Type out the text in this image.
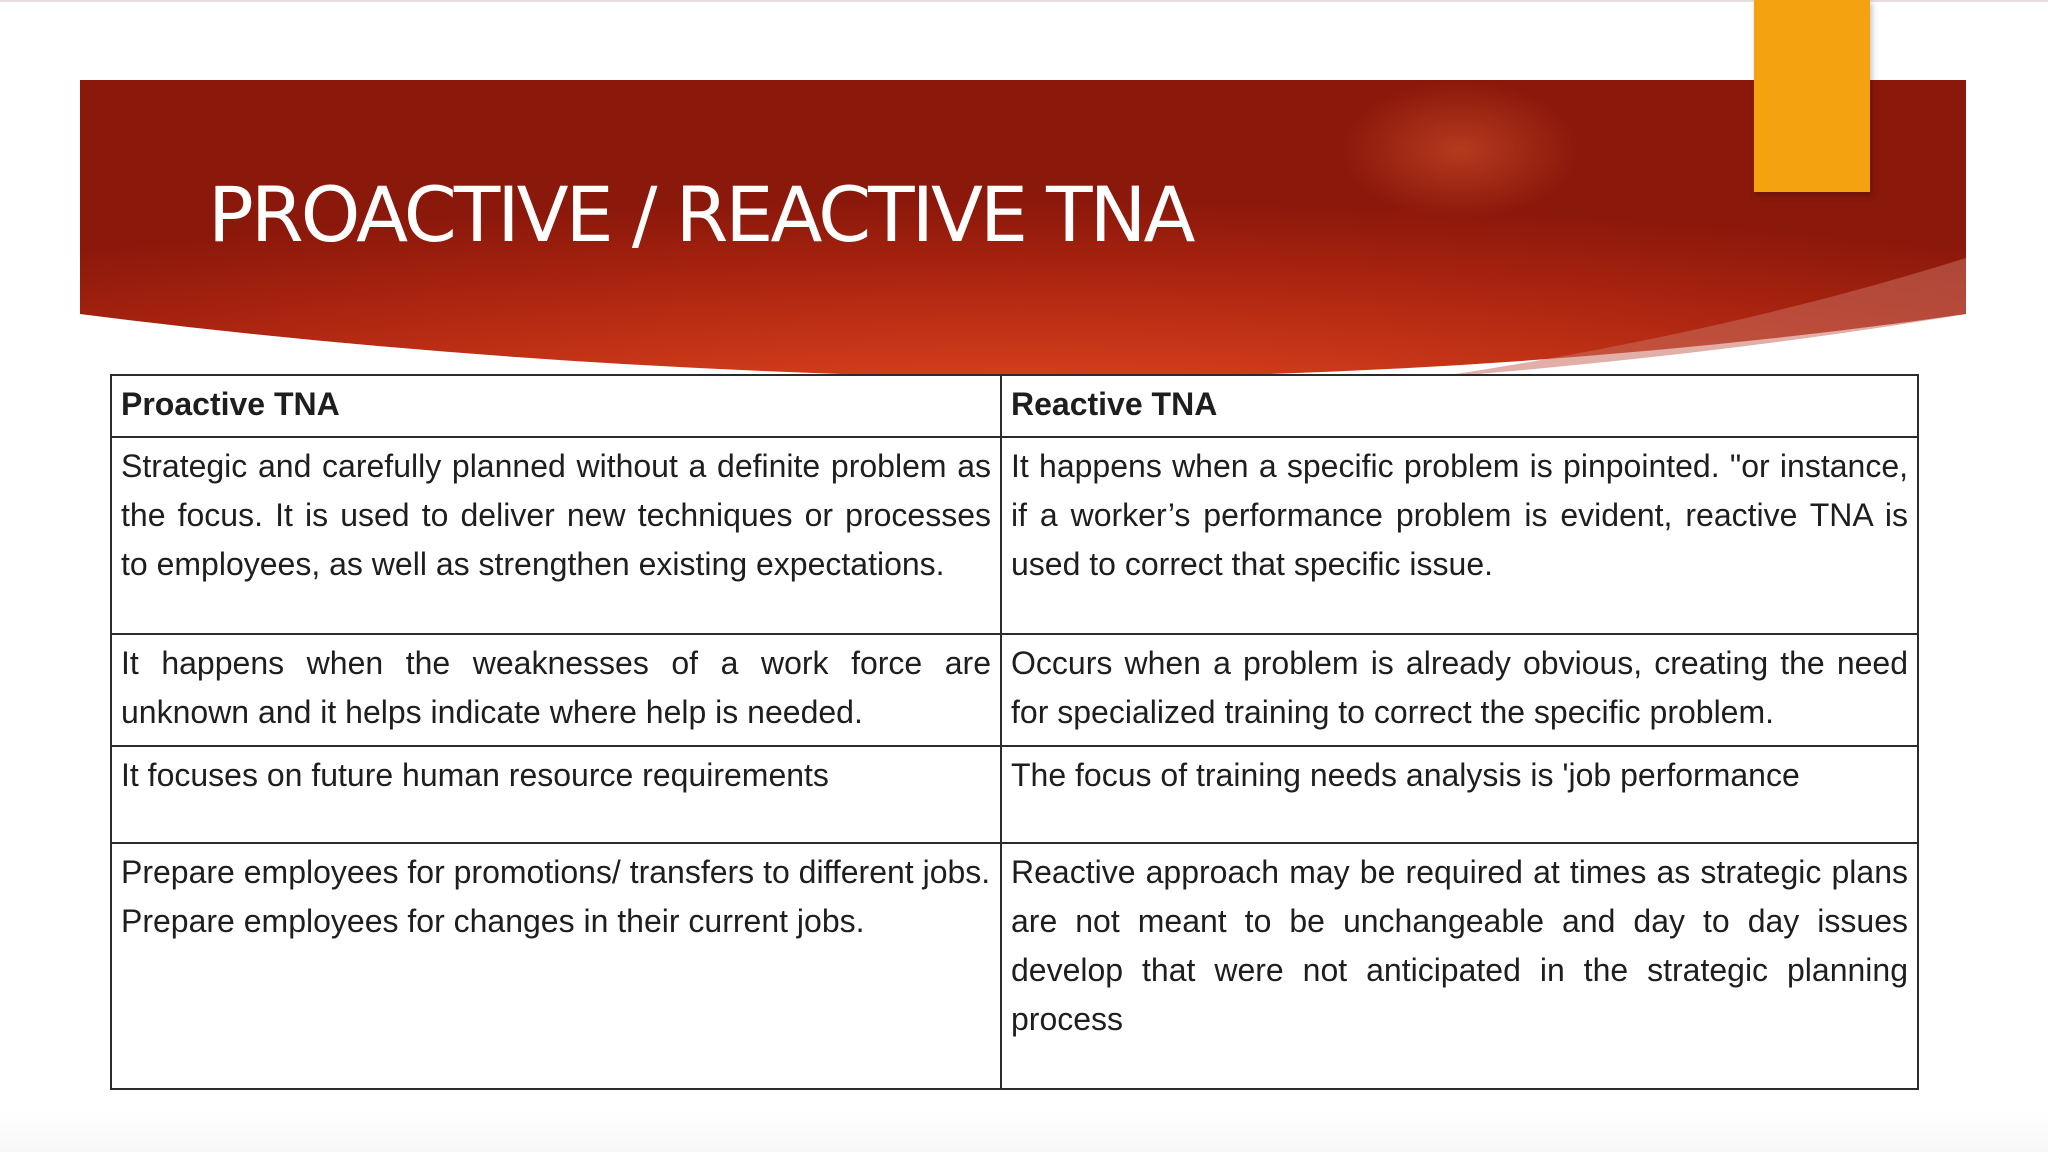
PROACTIVE / REACTIVE TNA
Proactive TNA	Reactive TNA

Strategic and carefully planned without a definite problem as the focus. It is used to deliver new techniques or processes to employees, as well as strengthen existing expectations.	It happens when a specific problem is pinpointed. "or instance, if a worker’s performance problem is evident, reactive TNA is used to correct that specific issue.

It happens when the weaknesses of a work force are unknown and it helps indicate where help is needed.	Occurs when a problem is already obvious, creating the need for specialized training to correct the specific problem.

It focuses on future human resource requirements	The focus of training needs analysis is 'job performance

Prepare employees for promotions/ transfers to different jobs.
Prepare employees for changes in their current jobs.	Reactive approach may be required at times as strategic plans are not meant to be unchangeable and day to day issues develop that were not anticipated in the strategic planning process
